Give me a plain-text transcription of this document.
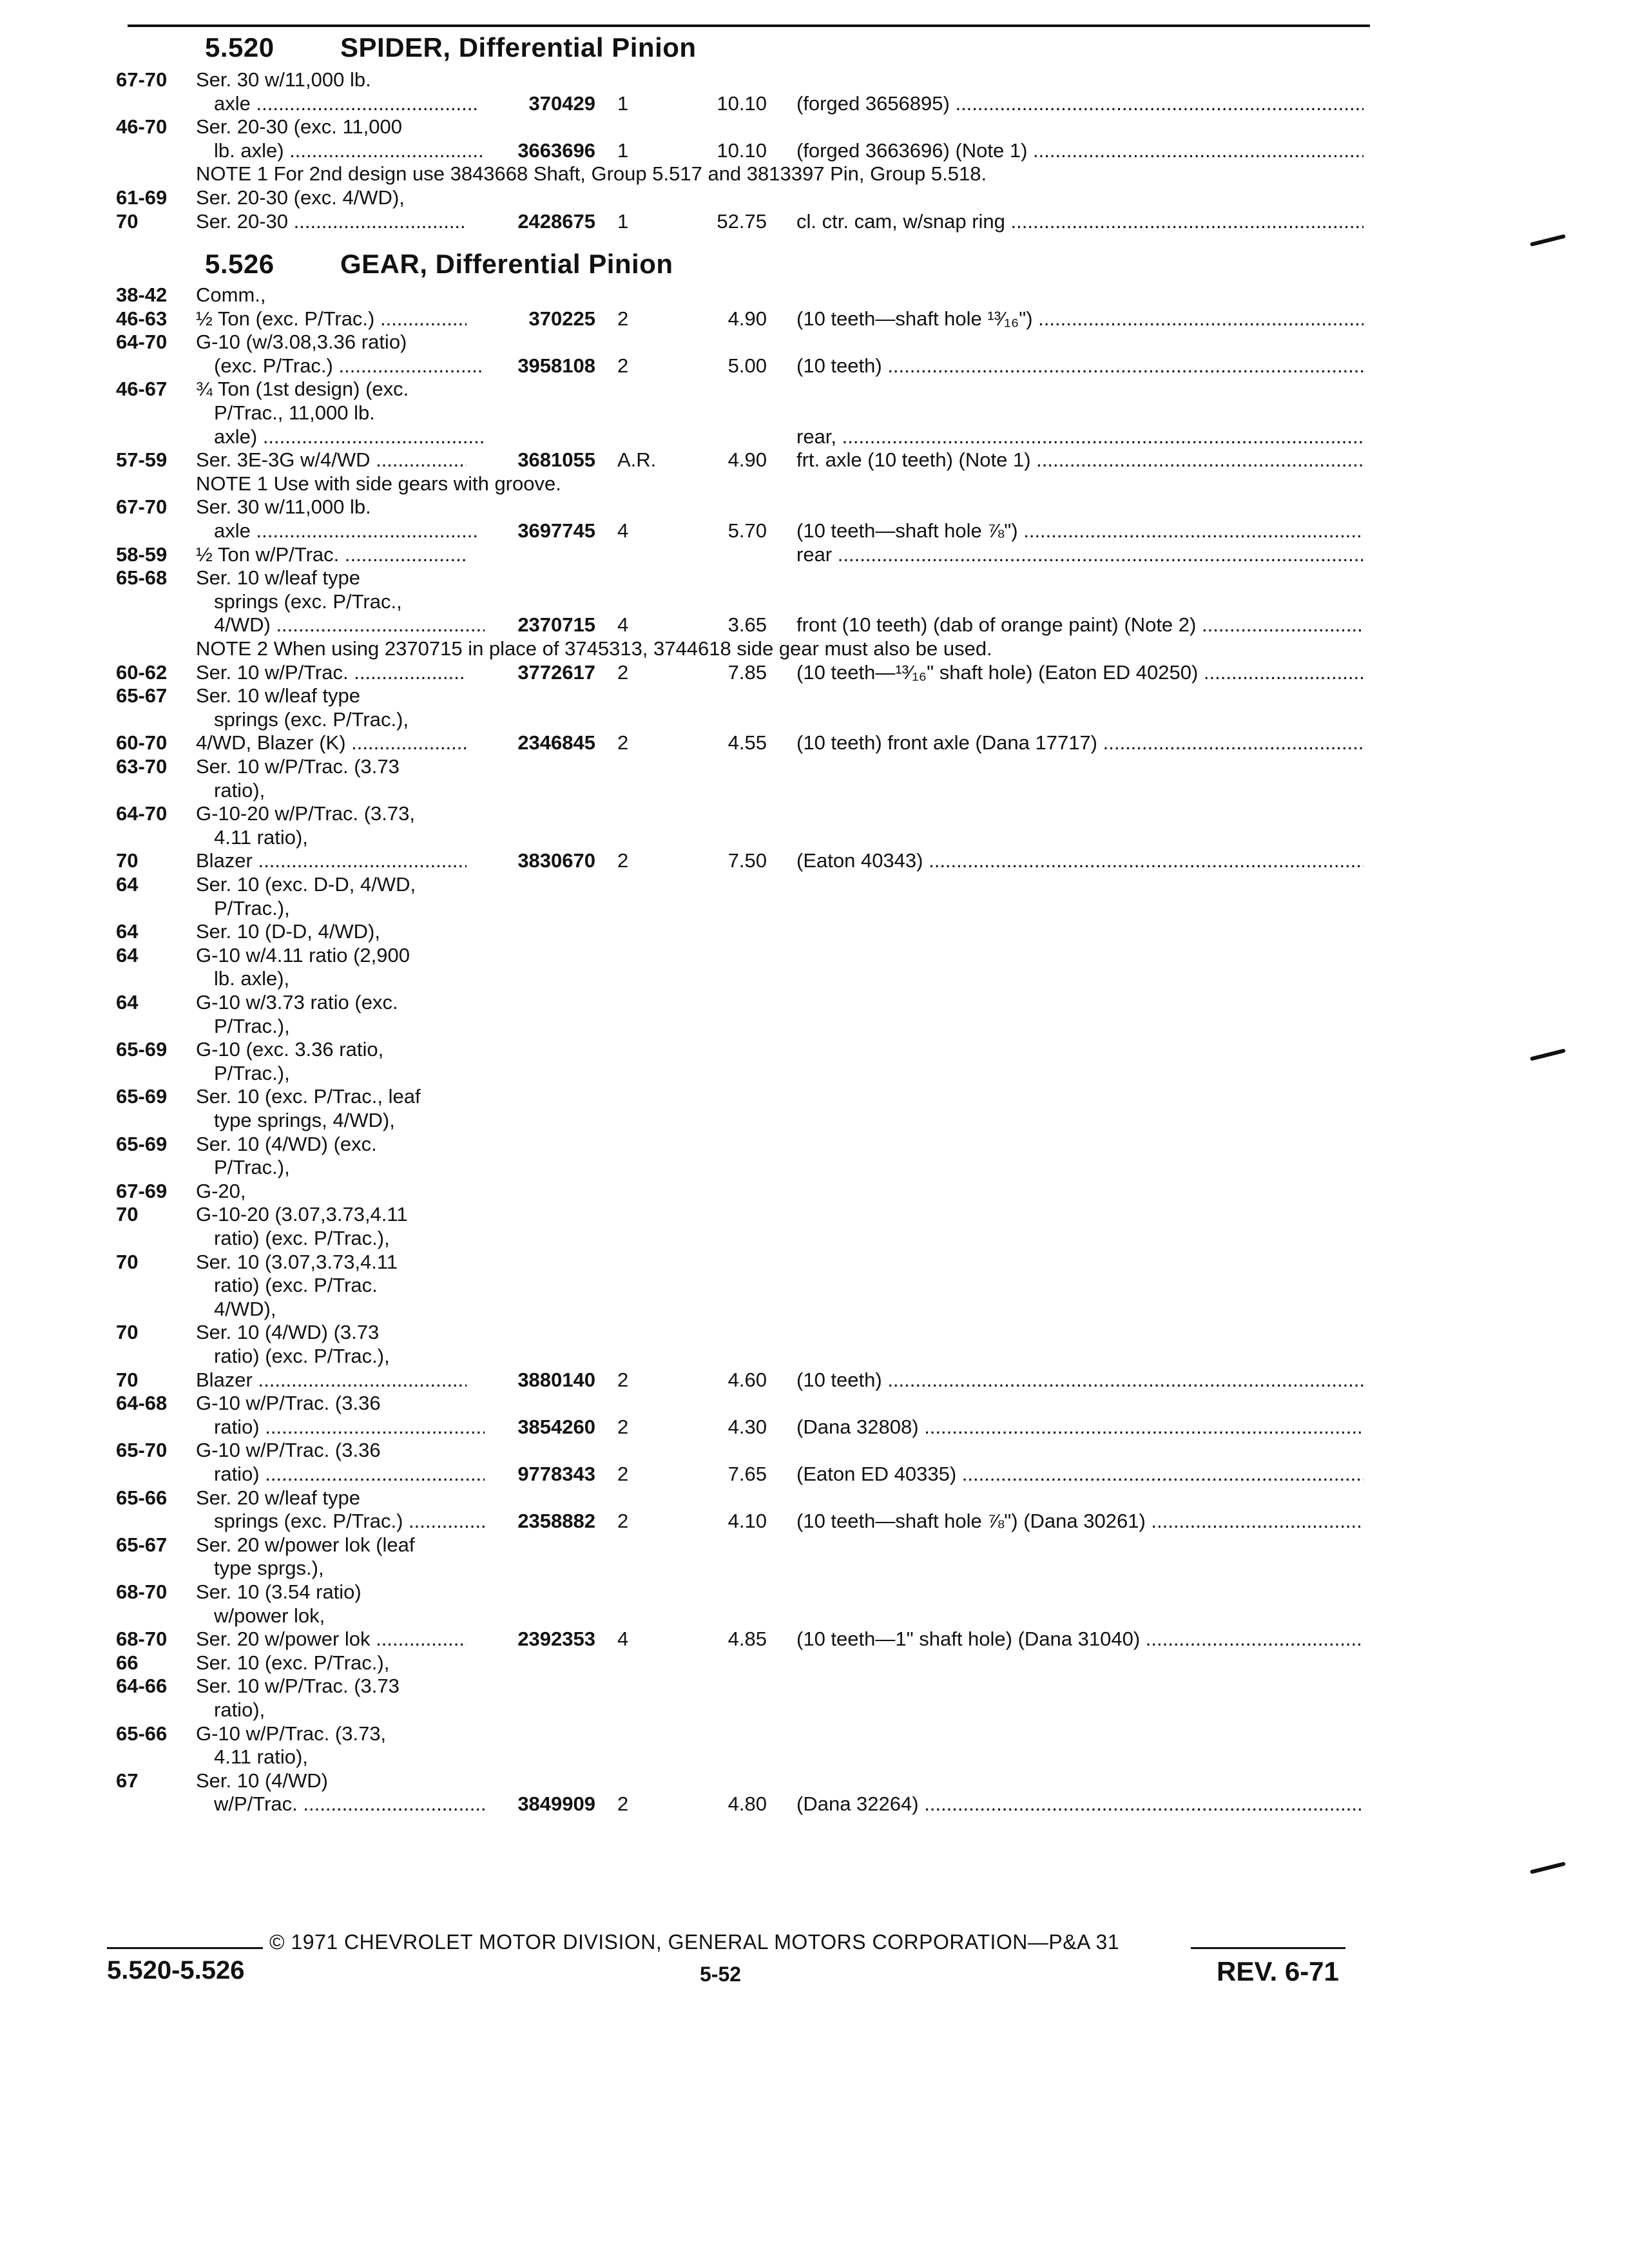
5.520 SPIDER, Differential Pinion
67-70 Ser. 30 w/11,000 lb.
axle .....	370429 1	10.10 (forged 3656895) .....
46-70 Ser. 20-30 (exc. 11,000
lb. axle) .....	3663696 1	10.10 (forged 3663696) (Note 1) .....
NOTE 1 For 2nd design use 3843668 Shaft, Group 5.517 and 3813397 Pin, Group 5.518.
61-69 Ser. 20-30 (exc. 4/WD),
70	Ser. 20-30 .....	2428675 1	52.75 cl. ctr. cam, w/snap ring .....
5.526 GEAR, Differential Pinion
38-42 Comm.,
46-63 ½ Ton (exc. P/Trac.) .....	370225 2	4.90 (10 teeth—shaft hole ¹³⁄₁₆") .....
64-70 G-10 (w/3.08,3.36 ratio)
(exc. P/Trac.) .....	3958108 2	5.00 (10 teeth) .....
46-67 ¾ Ton (1st design) (exc.
P/Trac., 11,000 lb.
axle) .....	rear, .....
57-59 Ser. 3E-3G w/4/WD .....	3681055 A.R.	4.90 frt. axle (10 teeth) (Note 1) .....
NOTE 1 Use with side gears with groove.
67-70 Ser. 30 w/11,000 lb.
axle .....	3697745 4	5.70 (10 teeth—shaft hole ⅞") .....
58-59 ½ Ton w/P/Trac. .....	rear .....
65-68 Ser. 10 w/leaf type
springs (exc. P/Trac.,
4/WD) .....	2370715 4	3.65 front (10 teeth) (dab of orange paint) (Note 2) .....
NOTE 2 When using 2370715 in place of 3745313, 3744618 side gear must also be used.
60-62 Ser. 10 w/P/Trac. .....	3772617 2	7.85 (10 teeth—¹³⁄₁₆" shaft hole) (Eaton ED 40250) .....
65-67 Ser. 10 w/leaf type
springs (exc. P/Trac.),
60-70 4/WD, Blazer (K) .....	2346845 2	4.55 (10 teeth) front axle (Dana 17717) .....
63-70 Ser. 10 w/P/Trac. (3.73
ratio),
64-70 G-10-20 w/P/Trac. (3.73,
4.11 ratio),
70	Blazer .....	3830670 2	7.50 (Eaton 40343) .....
64	Ser. 10 (exc. D-D, 4/WD,
P/Trac.),
64	Ser. 10 (D-D, 4/WD),
64	G-10 w/4.11 ratio (2,900
lb. axle),
64	G-10 w/3.73 ratio (exc.
P/Trac.),
65-69 G-10 (exc. 3.36 ratio,
P/Trac.),
65-69 Ser. 10 (exc. P/Trac., leaf
type springs, 4/WD),
65-69 Ser. 10 (4/WD) (exc.
P/Trac.),
67-69 G-20,
70	G-10-20 (3.07,3.73,4.11
ratio) (exc. P/Trac.),
70	Ser. 10 (3.07,3.73,4.11
ratio) (exc. P/Trac.
4/WD),
70	Ser. 10 (4/WD) (3.73
ratio) (exc. P/Trac.),
70	Blazer .....	3880140 2	4.60 (10 teeth) .....
64-68 G-10 w/P/Trac. (3.36
ratio) .....	3854260 2	4.30 (Dana 32808) .....
65-70 G-10 w/P/Trac. (3.36
ratio) .....	9778343 2	7.65 (Eaton ED 40335) .....
65-66 Ser. 20 w/leaf type
springs (exc. P/Trac.) .....	2358882 2	4.10 (10 teeth—shaft hole ⅞") (Dana 30261) .....
65-67 Ser. 20 w/power lok (leaf
type sprgs.),
68-70 Ser. 10 (3.54 ratio)
w/power lok,
68-70 Ser. 20 w/power lok .....	2392353 4	4.85 (10 teeth—1" shaft hole) (Dana 31040) .....
66	Ser. 10 (exc. P/Trac.),
64-66 Ser. 10 w/P/Trac. (3.73
ratio),
65-66 G-10 w/P/Trac. (3.73,
4.11 ratio),
67	Ser. 10 (4/WD)
w/P/Trac. .....	3849909 2	4.80 (Dana 32264) .....
© 1971 CHEVROLET MOTOR DIVISION, GENERAL MOTORS CORPORATION—P&A 31
5.520-5.526	5-52	REV. 6-71
